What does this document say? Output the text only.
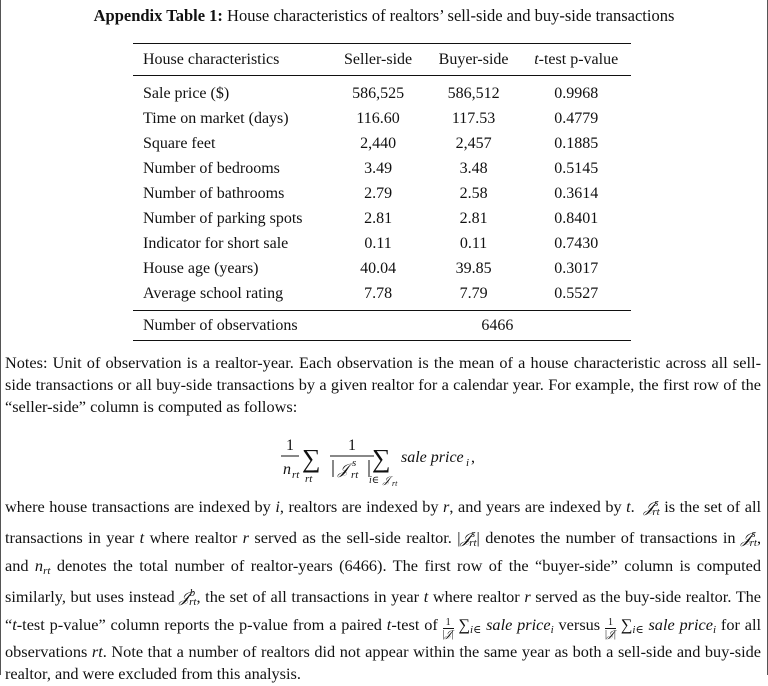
Appendix Table 1: House characteristics of realtors’ sell-side and buy-side transactions
House characteristics	Seller-side	Buyer-side	t-test p-value
Sale price ($)	586,525	586,512	0.9968
Time on market (days)	116.60	117.53	0.4779
Square feet	2,440	2,457	0.1885
Number of bedrooms	3.49	3.48	0.5145
Number of bathrooms	2.79	2.58	0.3614
Number of parking spots	2.81	2.81	0.8401
Indicator for short sale	0.11	0.11	0.7430
House age (years)	40.04	39.85	0.3017
Average school rating	7.78	7.79	0.5527
Number of observations	6466		

Notes: Unit of observation is a realtor-year. Each observation is the mean of a house characteristic across all sell-side transactions or all buy-side transactions by a given realtor for a calendar year. For example, the first row of the “seller-side” column is computed as follows:

1
n rt
∑
rt
1
𝒥 s
rt
∑
i∈ 𝒥 rt
sale price i ,

where house transactions are indexed by i, realtors are indexed by r, and years are indexed by t.  𝒥$^s_{rt}$ is the set of all transactions in year t where realtor r served as the sell-side realtor. |𝒥$^s_{rt}$| denotes the number of transactions in 𝒥$^s_{rt}$, and $n_{rt}$ denotes the total number of realtor-years (6466). The first row of the “buyer-side” column is computed similarly, but uses instead 𝒥$^b_{rt}$, the set of all transactions in year t where realtor r served as the buy-side realtor. The “t-test p-value” column reports the p-value from a paired t-test of $\frac{1}{\text{|𝒥|}} \sum_{i\in}$ sale price$_i$ versus $\frac{1}{\text{|𝒥|}} \sum_{i\in}$ sale price$_i$ for all observations rt. Note that a number of realtors did not appear within the same year as both a sell-side and buy-side realtor, and were excluded from this analysis.
